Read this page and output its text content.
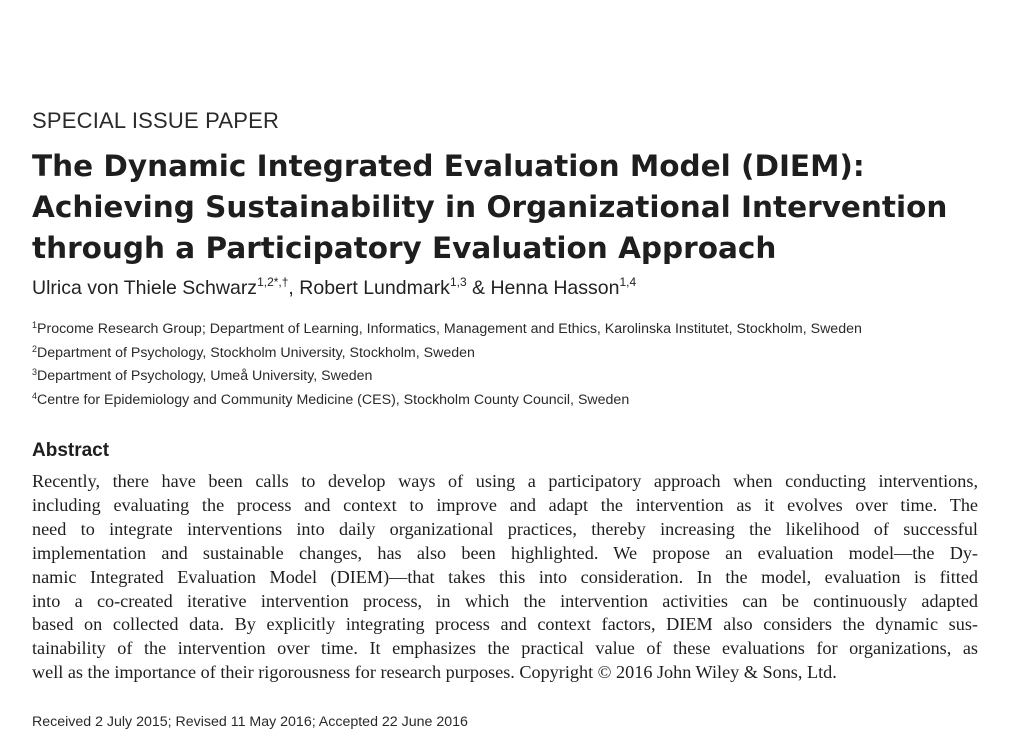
SPECIAL ISSUE PAPER
The Dynamic Integrated Evaluation Model (DIEM):
Achieving Sustainability in Organizational Intervention
through a Participatory Evaluation Approach
Ulrica von Thiele Schwarz$^{1,2*,\dagger}$, Robert Lundmark$^{1,3}$ & Henna Hasson$^{1,4}$
$^1$Procome Research Group; Department of Learning, Informatics, Management and Ethics, Karolinska Institutet, Stockholm, Sweden
$^2$Department of Psychology, Stockholm University, Stockholm, Sweden
$^3$Department of Psychology, Umeå University, Sweden
$^4$Centre for Epidemiology and Community Medicine (CES), Stockholm County Council, Sweden
Abstract
Recently, there have been calls to develop ways of using a participatory approach when conducting interventions,
including evaluating the process and context to improve and adapt the intervention as it evolves over time. The
need to integrate interventions into daily organizational practices, thereby increasing the likelihood of successful
implementation and sustainable changes, has also been highlighted. We propose an evaluation model—the Dy-
namic Integrated Evaluation Model (DIEM)—that takes this into consideration. In the model, evaluation is fitted
into a co-created iterative intervention process, in which the intervention activities can be continuously adapted
based on collected data. By explicitly integrating process and context factors, DIEM also considers the dynamic sus-
tainability of the intervention over time. It emphasizes the practical value of these evaluations for organizations, as
well as the importance of their rigorousness for research purposes. Copyright © 2016 John Wiley & Sons, Ltd.
Received 2 July 2015; Revised 11 May 2016; Accepted 22 June 2016
